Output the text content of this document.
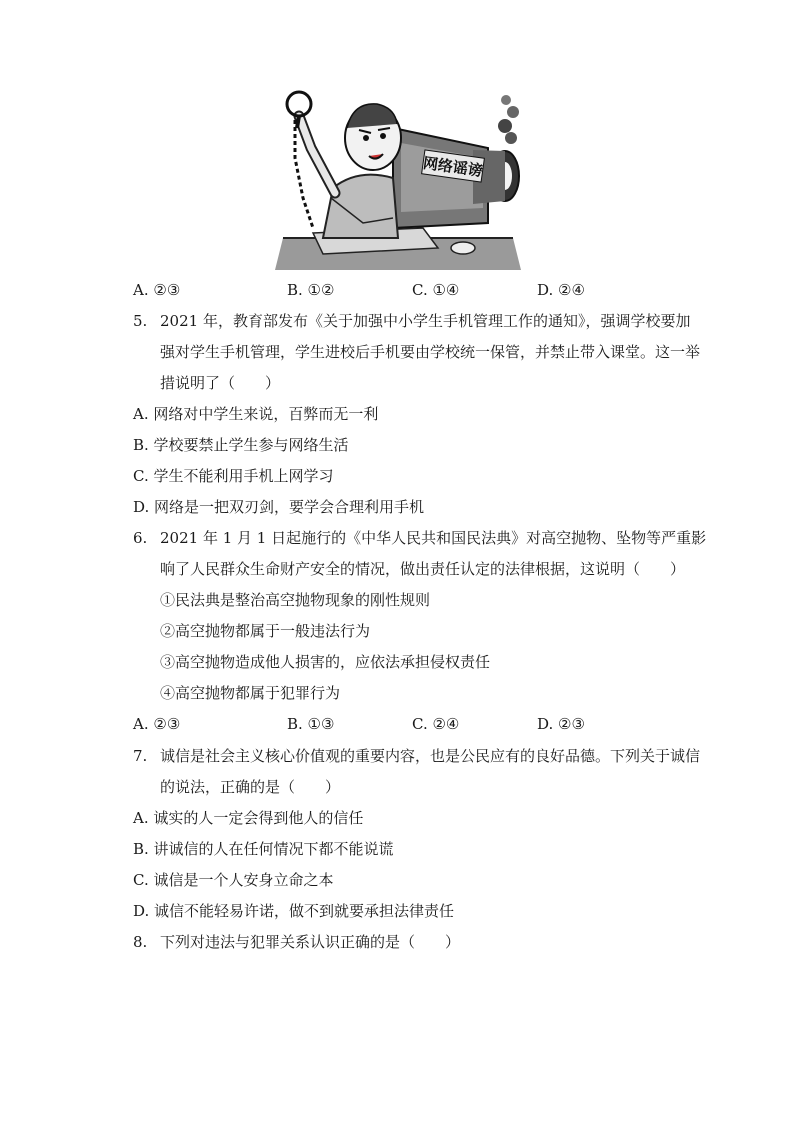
网络谣谤
A. ②③	B. ①②	C. ①④	D. ②④
5. 2021 年，教育部发布《关于加强中小学生手机管理工作的通知》，强调学校要加
强对学生手机管理，学生进校后手机要由学校统一保管，并禁止带入课堂。这一举
措说明了（　　）
A. 网络对中学生来说，百弊而无一利
B. 学校要禁止学生参与网络生活
C. 学生不能利用手机上网学习
D. 网络是一把双刃剑，要学会合理利用手机
6. 2021 年 1 月 1 日起施行的《中华人民共和国民法典》对高空抛物、坠物等严重影
响了人民群众生命财产安全的情况，做出责任认定的法律根据，这说明（　　）
①民法典是整治高空抛物现象的刚性规则
②高空抛物都属于一般违法行为
③高空抛物造成他人损害的，应依法承担侵权责任
④高空抛物都属于犯罪行为
A. ②③	B. ①③	C. ②④	D. ②③
7. 诚信是社会主义核心价值观的重要内容，也是公民应有的良好品德。下列关于诚信
的说法，正确的是（　　）
A. 诚实的人一定会得到他人的信任
B. 讲诚信的人在任何情况下都不能说谎
C. 诚信是一个人安身立命之本
D. 诚信不能轻易许诺，做不到就要承担法律责任
8. 下列对违法与犯罪关系认识正确的是（　　）
